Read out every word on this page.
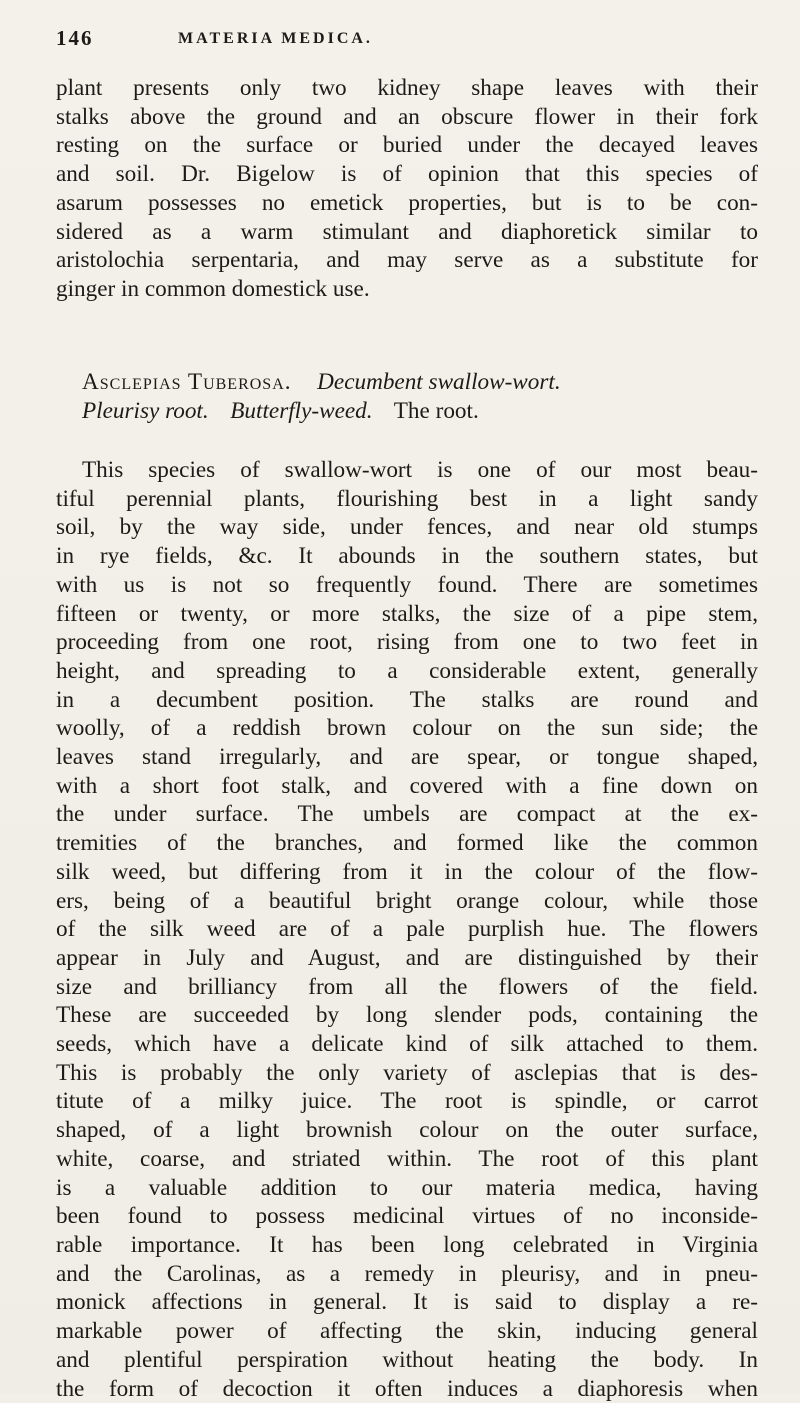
146	MATERIA MEDICA.
plant presents only two kidney shape leaves with their
stalks above the ground and an obscure flower in their fork
resting on the surface or buried under the decayed leaves
and soil. Dr. Bigelow is of opinion that this species of
asarum possesses no emetick properties, but is to be con-
sidered as a warm stimulant and diaphoretick similar to
aristolochia serpentaria, and may serve as a substitute for
ginger in common domestick use.
Asclepias Tuberosa. Decumbent swallow-wort.
Pleurisy root. Butterfly-weed. The root.
This species of swallow-wort is one of our most beau-
tiful perennial plants, flourishing best in a light sandy
soil, by the way side, under fences, and near old stumps
in rye fields, &c. It abounds in the southern states, but
with us is not so frequently found. There are sometimes
fifteen or twenty, or more stalks, the size of a pipe stem,
proceeding from one root, rising from one to two feet in
height, and spreading to a considerable extent, generally
in a decumbent position. The stalks are round and
woolly, of a reddish brown colour on the sun side; the
leaves stand irregularly, and are spear, or tongue shaped,
with a short foot stalk, and covered with a fine down on
the under surface. The umbels are compact at the ex-
tremities of the branches, and formed like the common
silk weed, but differing from it in the colour of the flow-
ers, being of a beautiful bright orange colour, while those
of the silk weed are of a pale purplish hue. The flowers
appear in July and August, and are distinguished by their
size and brilliancy from all the flowers of the field.
These are succeeded by long slender pods, containing the
seeds, which have a delicate kind of silk attached to them.
This is probably the only variety of asclepias that is des-
titute of a milky juice. The root is spindle, or carrot
shaped, of a light brownish colour on the outer surface,
white, coarse, and striated within. The root of this plant
is a valuable addition to our materia medica, having
been found to possess medicinal virtues of no inconside-
rable importance. It has been long celebrated in Virginia
and the Carolinas, as a remedy in pleurisy, and in pneu-
monick affections in general. It is said to display a re-
markable power of affecting the skin, inducing general
and plentiful perspiration without heating the body. In
the form of decoction it often induces a diaphoresis when
